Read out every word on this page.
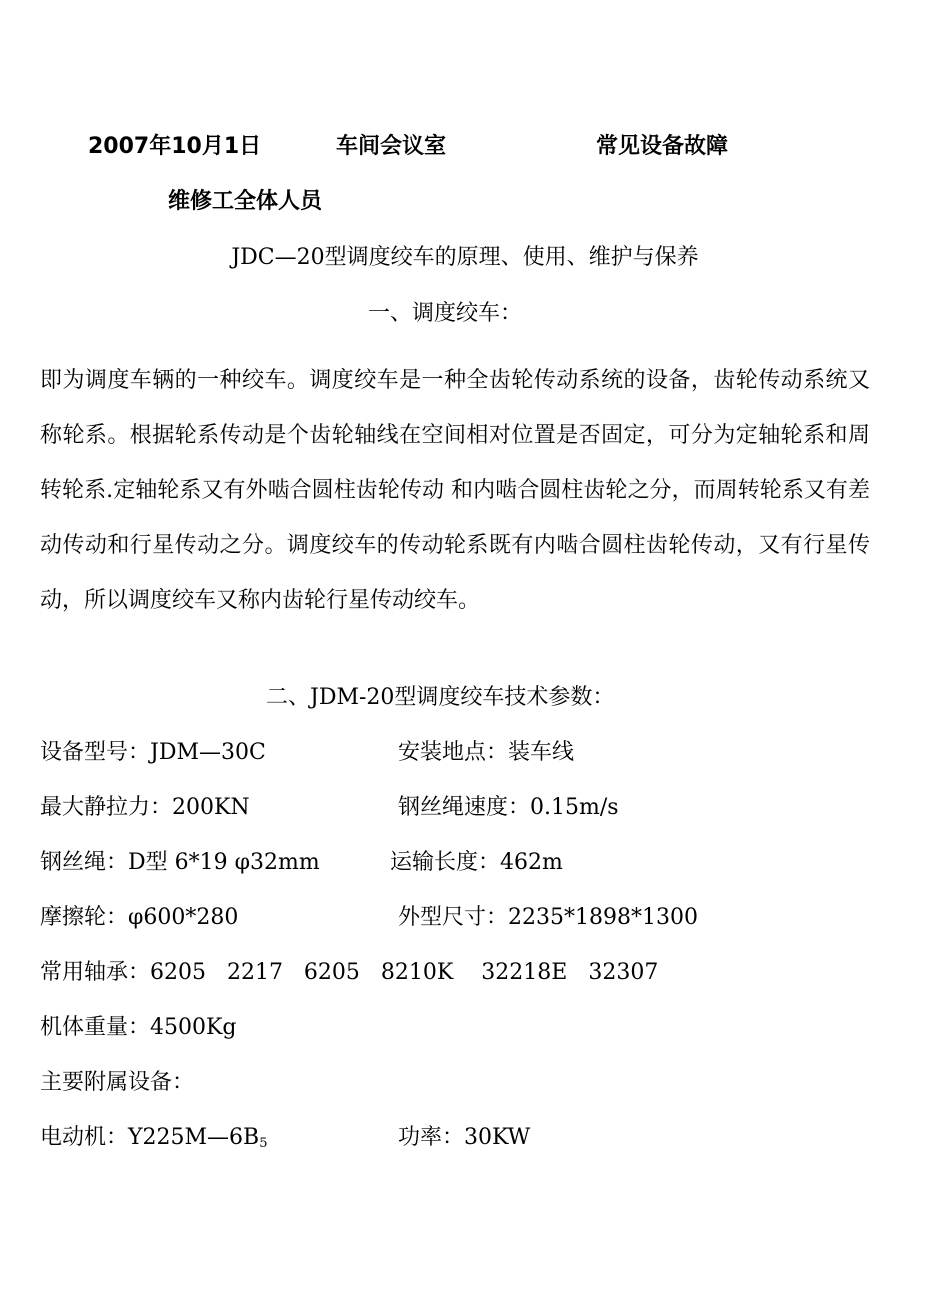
2007年10月1日	车间会议室	常见设备故障
维修工全体人员
JDC—20型调度绞车的原理、使用、维护与保养
一、调度绞车：
即为调度车辆的一种绞车。调度绞车是一种全齿轮传动系统的设备，齿轮传动系统又称轮系。根据轮系传动是个齿轮轴线在空间相对位置是否固定，可分为定轴轮系和周转轮系.定轴轮系又有外啮合圆柱齿轮传动 和内啮合圆柱齿轮之分，而周转轮系又有差动传动和行星传动之分。调度绞车的传动轮系既有内啮合圆柱齿轮传动，又有行星传动，所以调度绞车又称内齿轮行星传动绞车。
二、JDM-20型调度绞车技术参数：
设备型号：JDM—30C	安装地点：装车线
最大静拉力：200KN	钢丝绳速度：0.15m/s
钢丝绳：D型 6*19 φ32mm	运输长度：462m
摩擦轮：φ600*280	外型尺寸：2235*1898*1300
常用轴承：6205   2217   6205   8210K    32218E   32307
机体重量：4500Kg
主要附属设备：
电动机：$Y225M—6B_5$	功率：30KW
